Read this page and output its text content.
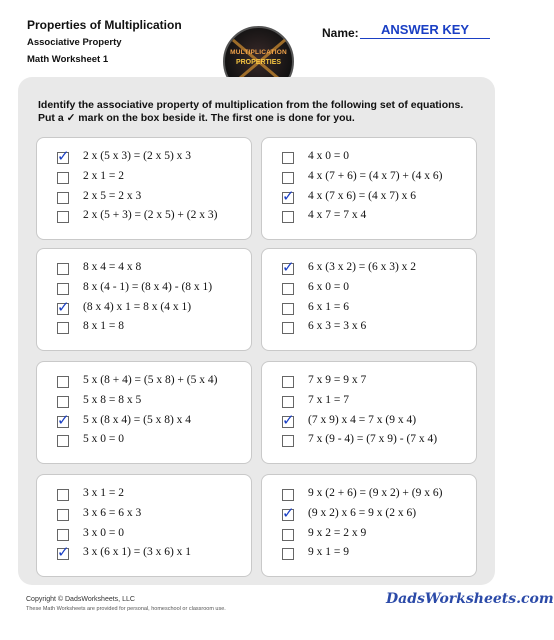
Properties of Multiplication
Associative Property
Math Worksheet 1
MULTIPLICATION
PROPERTIES
Name:	ANSWER KEY
Identify the associative property of multiplication from the following set of equations. Put a ✓ mark on the box beside it. The first one is done for you.
✓
2 x (5 x 3) = (2 x 5) x 3
2 x 1 = 2
2 x 5 = 2 x 3
2 x (5 + 3) = (2 x 5) + (2 x 3)
4 x 0 = 0
4 x (7 + 6) = (4 x 7) + (4 x 6)
✓
4 x (7 x 6) = (4 x 7) x 6
4 x 7 = 7 x 4
8 x 4 = 4 x 8
8 x (4 - 1) = (8 x 4) - (8 x 1)
✓
(8 x 4) x 1 = 8 x (4 x 1)
8 x 1 = 8
✓
6 x (3 x 2) = (6 x 3) x 2
6 x 0 = 0
6 x 1 = 6
6 x 3 = 3 x 6
5 x (8 + 4) = (5 x 8) + (5 x 4)
5 x 8 = 8 x 5
✓
5 x (8 x 4) = (5 x 8) x 4
5 x 0 = 0
7 x 9 = 9 x 7
7 x 1 = 7
✓
(7 x 9) x 4 = 7 x (9 x 4)
7 x (9 - 4) = (7 x 9) - (7 x 4)
3 x 1 = 2
3 x 6 = 6 x 3
3 x 0 = 0
✓
3 x (6 x 1) = (3 x 6) x 1
9 x (2 + 6) = (9 x 2) + (9 x 6)
✓
(9 x 2) x 6 = 9 x (2 x 6)
9 x 2 = 2 x 9
9 x 1 = 9
Copyright © DadsWorksheets, LLC
These Math Worksheets are provided for personal, homeschool or classroom use.
DadsWorksheets.com
